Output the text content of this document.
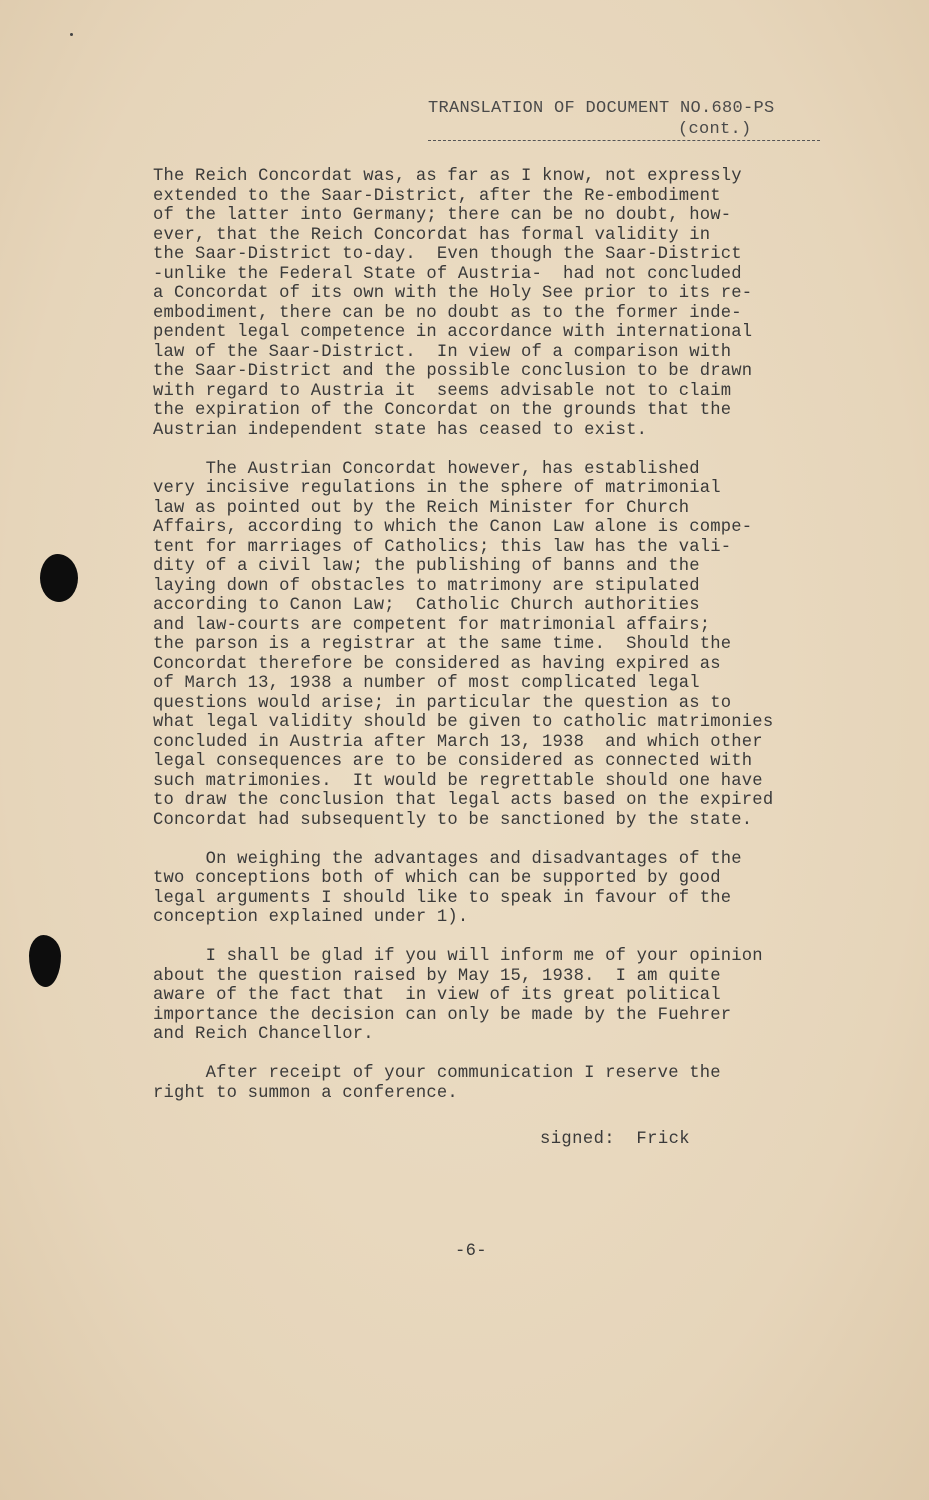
TRANSLATION OF DOCUMENT NO.680-PS
(cont.)
The Reich Concordat was, as far as I know, not expressly
extended to the Saar-District, after the Re-embodiment
of the latter into Germany; there can be no doubt, how-
ever, that the Reich Concordat has formal validity in
the Saar-District to-day.  Even though the Saar-District
-unlike the Federal State of Austria-  had not concluded
a Concordat of its own with the Holy See prior to its re-
embodiment, there can be no doubt as to the former inde-
pendent legal competence in accordance with international
law of the Saar-District.  In view of a comparison with
the Saar-District and the possible conclusion to be drawn
with regard to Austria it  seems advisable not to claim
the expiration of the Concordat on the grounds that the
Austrian independent state has ceased to exist.
The Austrian Concordat however, has established
very incisive regulations in the sphere of matrimonial
law as pointed out by the Reich Minister for Church
Affairs, according to which the Canon Law alone is compe-
tent for marriages of Catholics; this law has the vali-
dity of a civil law; the publishing of banns and the
laying down of obstacles to matrimony are stipulated
according to Canon Law;  Catholic Church authorities
and law-courts are competent for matrimonial affairs;
the parson is a registrar at the same time.  Should the
Concordat therefore be considered as having expired as
of March 13, 1938 a number of most complicated legal
questions would arise; in particular the question as to
what legal validity should be given to catholic matrimonies
concluded in Austria after March 13, 1938  and which other
legal consequences are to be considered as connected with
such matrimonies.  It would be regrettable should one have
to draw the conclusion that legal acts based on the expired
Concordat had subsequently to be sanctioned by the state.
On weighing the advantages and disadvantages of the
two conceptions both of which can be supported by good
legal arguments I should like to speak in favour of the
conception explained under 1).
I shall be glad if you will inform me of your opinion
about the question raised by May 15, 1938.  I am quite
aware of the fact that  in view of its great political
importance the decision can only be made by the Fuehrer
and Reich Chancellor.
After receipt of your communication I reserve the
right to summon a conference.
signed:  Frick
-6-
